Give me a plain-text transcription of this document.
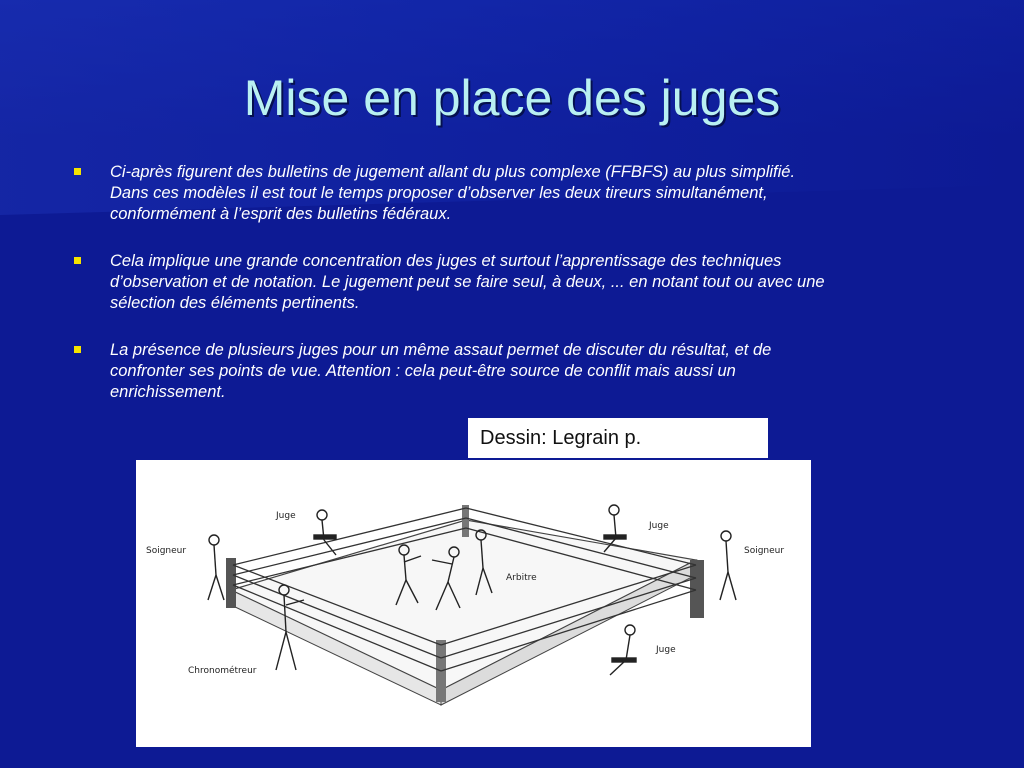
Mise en place des juges
Ci-après figurent des bulletins de jugement allant du plus complexe (FFBFS) au plus simplifié. Dans ces modèles il est tout le temps proposer d’observer les deux tireurs simultanément, conformément à l’esprit des bulletins fédéraux.
Cela implique une grande concentration des juges et surtout l’apprentissage des techniques d’observation et de notation. Le jugement peut se faire seul, à deux, ... en notant tout ou avec une sélection des éléments pertinents.
La présence de plusieurs juges pour un même assaut permet de discuter du résultat, et de confronter ses points de vue. Attention : cela peut-être source de conflit mais aussi un enrichissement.
Dessin: Legrain p.
Juge
Juge
Juge
Soigneur	Soigneur
Arbitre
Chronométreur
